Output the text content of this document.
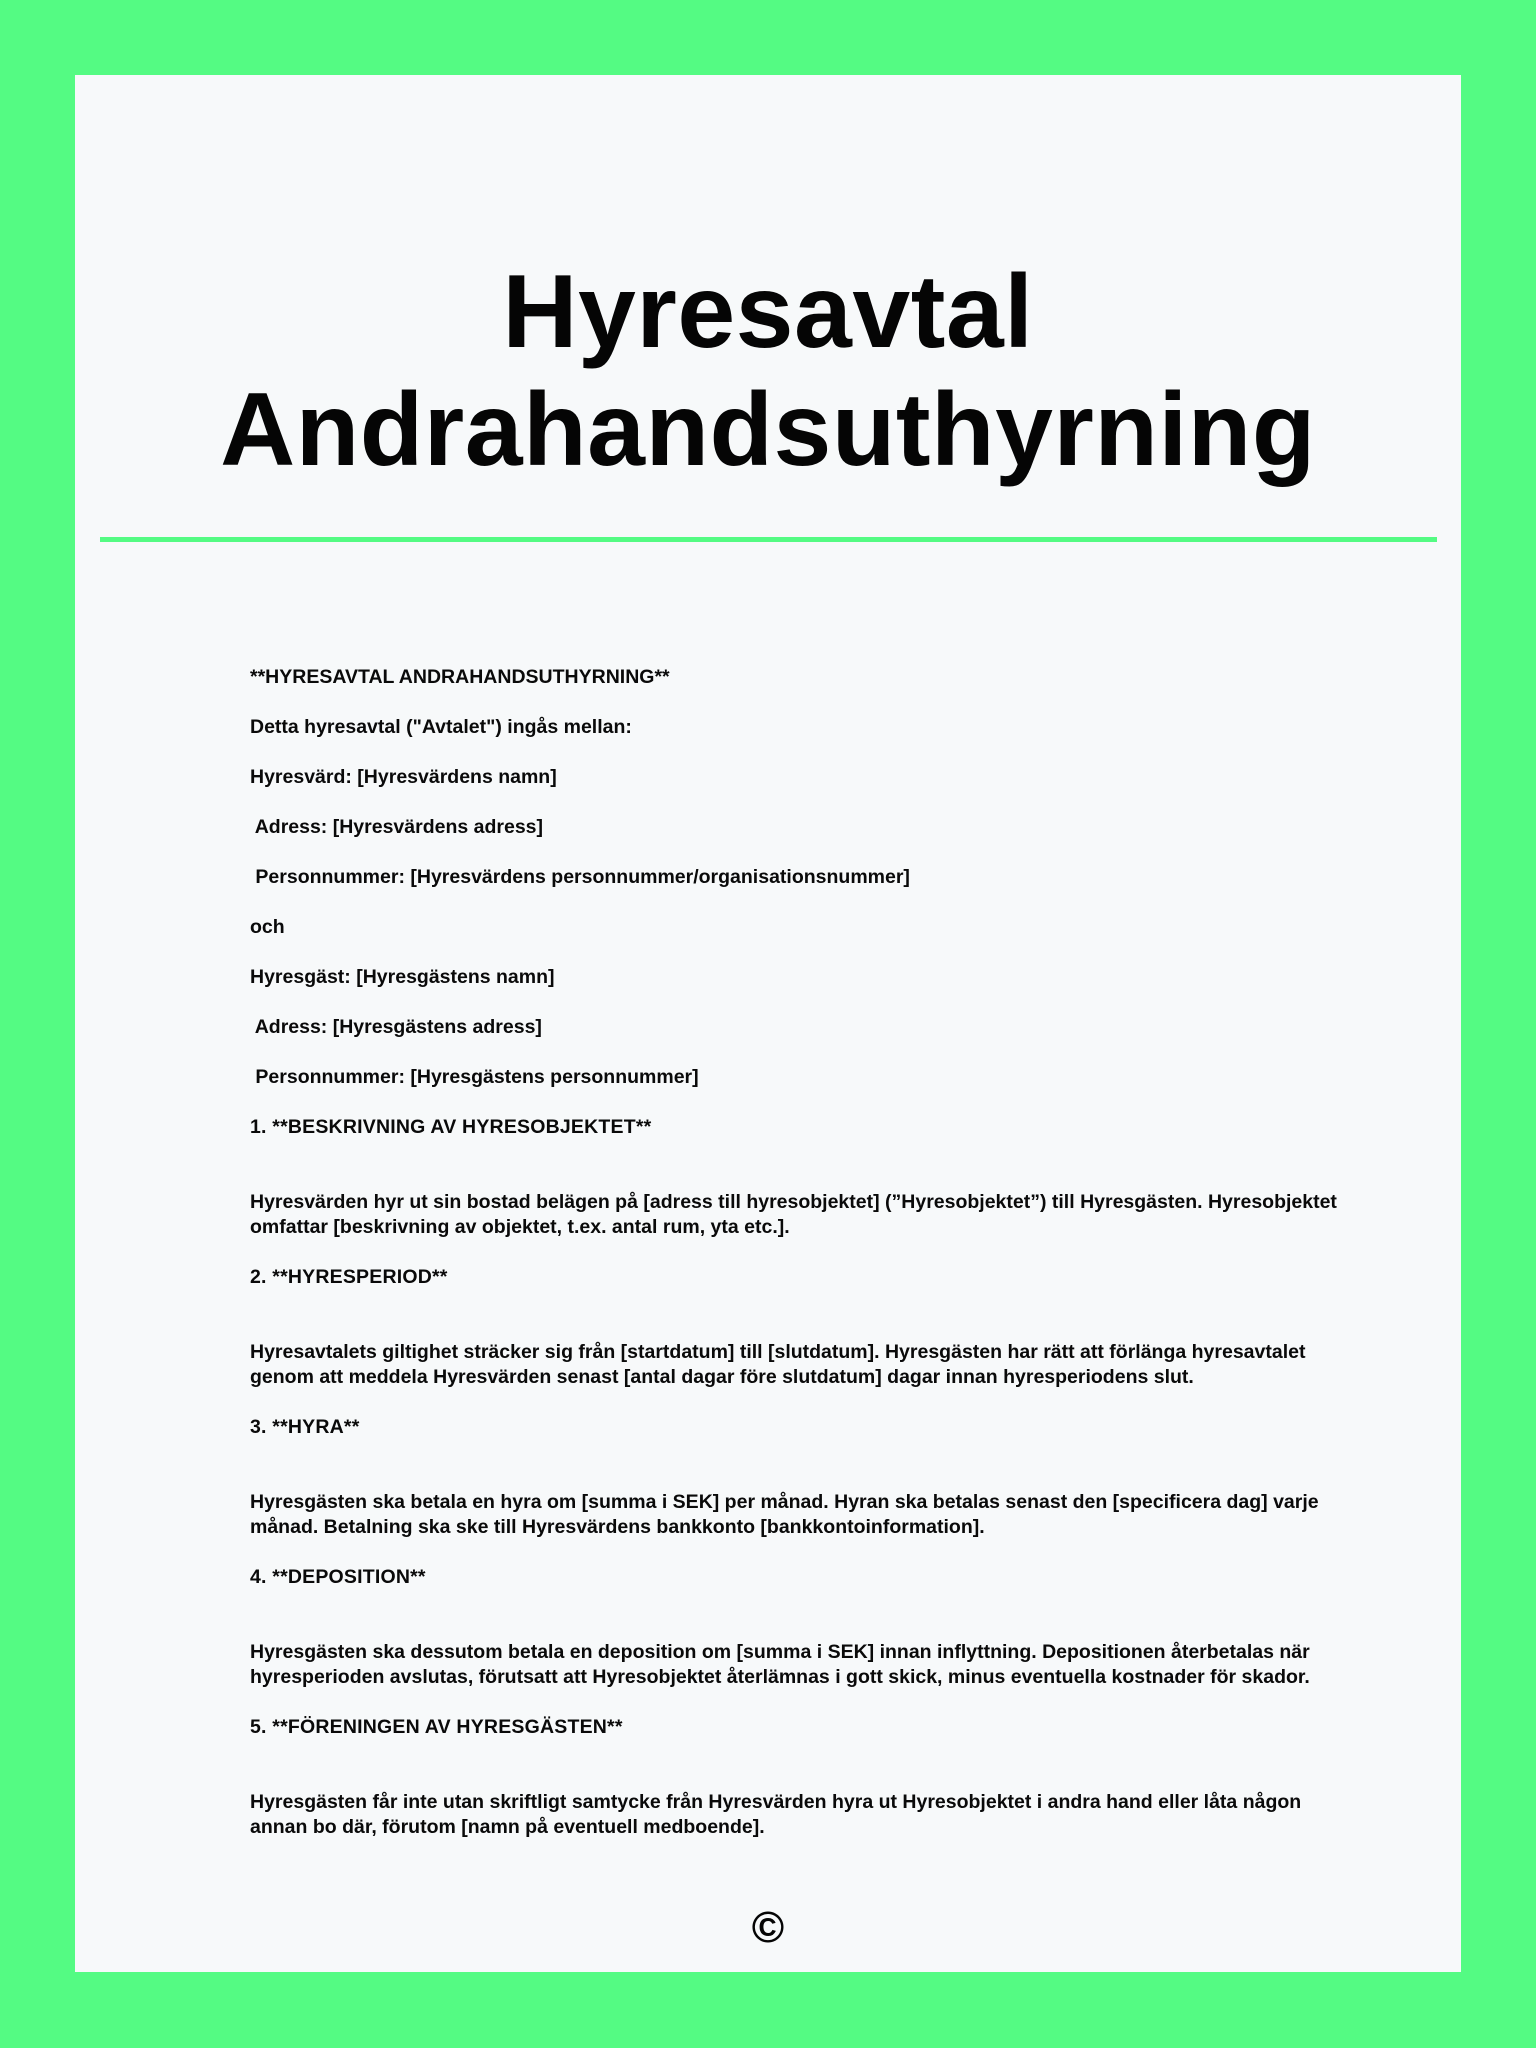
Hyresavtal
Andrahandsuthyrning

**HYRESAVTAL ANDRAHANDSUTHYRNING**

Detta hyresavtal ("Avtalet") ingås mellan:

Hyresvärd: [Hyresvärdens namn]

Adress: [Hyresvärdens adress]

Personnummer: [Hyresvärdens personnummer/organisationsnummer]

och

Hyresgäst: [Hyresgästens namn]

Adress: [Hyresgästens adress]

Personnummer: [Hyresgästens personnummer]

1. **BESKRIVNING AV HYRESOBJEKTET**

Hyresvärden hyr ut sin bostad belägen på [adress till hyresobjektet] (”Hyresobjektet”) till Hyresgästen. Hyresobjektet omfattar [beskrivning av objektet, t.ex. antal rum, yta etc.].

2. **HYRESPERIOD**

Hyresavtalets giltighet sträcker sig från [startdatum] till [slutdatum]. Hyresgästen har rätt att förlänga hyresavtalet genom att meddela Hyresvärden senast [antal dagar före slutdatum] dagar innan hyresperiodens slut.

3. **HYRA**

Hyresgästen ska betala en hyra om [summa i SEK] per månad. Hyran ska betalas senast den [specificera dag] varje månad. Betalning ska ske till Hyresvärdens bankkonto [bankkontoinformation].

4. **DEPOSITION**

Hyresgästen ska dessutom betala en deposition om [summa i SEK] innan inflyttning. Depositionen återbetalas när hyresperioden avslutas, förutsatt att Hyresobjektet återlämnas i gott skick, minus eventuella kostnader för skador.

5. **FÖRENINGEN AV HYRESGÄSTEN**

Hyresgästen får inte utan skriftligt samtycke från Hyresvärden hyra ut Hyresobjektet i andra hand eller låta någon annan bo där, förutom [namn på eventuell medboende].

©
